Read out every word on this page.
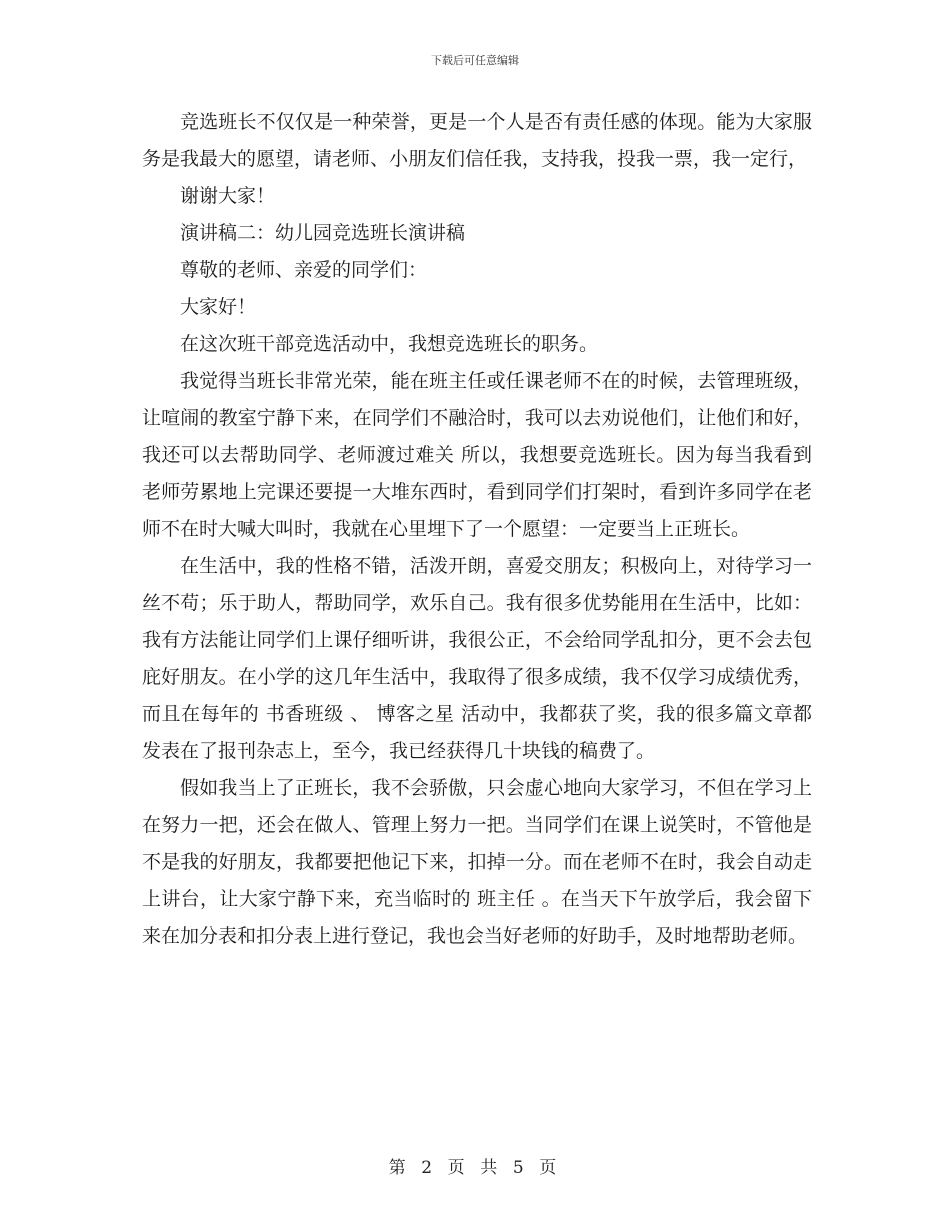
下载后可任意编辑

竞选班长不仅仅是一种荣誉，更是一个人是否有责任感的体现。能为大家服务是我最大的愿望，请老师、小朋友们信任我，支持我，投我一票，我一定行，

谢谢大家！

演讲稿二：幼儿园竞选班长演讲稿

尊敬的老师、亲爱的同学们：

大家好！

在这次班干部竞选活动中，我想竞选班长的职务。

我觉得当班长非常光荣，能在班主任或任课老师不在的时候，去管理班级，让喧闹的教室宁静下来，在同学们不融洽时，我可以去劝说他们，让他们和好，我还可以去帮助同学、老师渡过难关 所以，我想要竞选班长。因为每当我看到老师劳累地上完课还要提一大堆东西时，看到同学们打架时，看到许多同学在老师不在时大喊大叫时，我就在心里埋下了一个愿望：一定要当上正班长。

在生活中，我的性格不错，活泼开朗，喜爱交朋友；积极向上，对待学习一丝不苟；乐于助人，帮助同学，欢乐自己。我有很多优势能用在生活中，比如：我有方法能让同学们上课仔细听讲，我很公正，不会给同学乱扣分，更不会去包庇好朋友。在小学的这几年生活中，我取得了很多成绩，我不仅学习成绩优秀，而且在每年的 书香班级 、 博客之星 活动中，我都获了奖，我的很多篇文章都发表在了报刊杂志上，至今，我已经获得几十块钱的稿费了。

假如我当上了正班长，我不会骄傲，只会虚心地向大家学习，不但在学习上在努力一把，还会在做人、管理上努力一把。当同学们在课上说笑时，不管他是不是我的好朋友，我都要把他记下来，扣掉一分。而在老师不在时，我会自动走上讲台，让大家宁静下来，充当临时的 班主任 。在当天下午放学后，我会留下来在加分表和扣分表上进行登记，我也会当好老师的好助手，及时地帮助老师。

第 2 页 共 5 页
